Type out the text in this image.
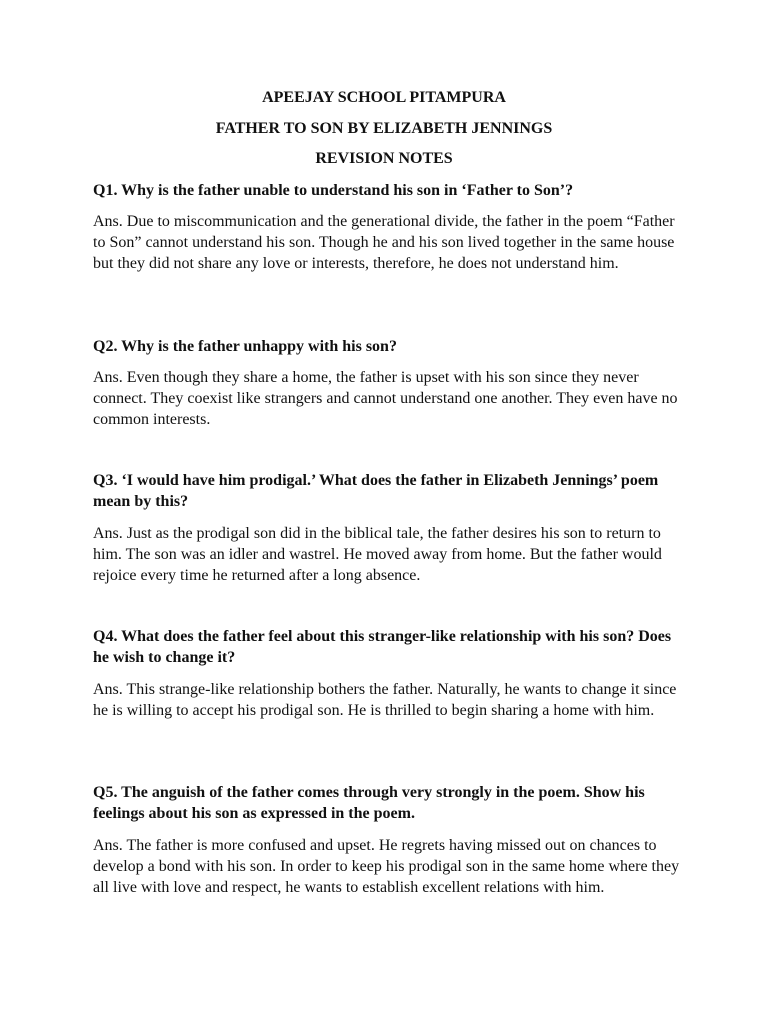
APEEJAY SCHOOL PITAMPURA
FATHER TO SON BY ELIZABETH JENNINGS
REVISION NOTES

Q1. Why is the father unable to understand his son in ‘Father to Son’?

Ans. Due to miscommunication and the generational divide, the father in the poem “Father to Son” cannot understand his son. Though he and his son lived together in the same house but they did not share any love or interests, therefore, he does not understand him.

Q2. Why is the father unhappy with his son?

Ans. Even though they share a home, the father is upset with his son since they never connect. They coexist like strangers and cannot understand one another. They even have no common interests.

Q3. ‘I would have him prodigal.’ What does the father in Elizabeth Jennings’ poem mean by this?

Ans. Just as the prodigal son did in the biblical tale, the father desires his son to return to him. The son was an idler and wastrel. He moved away from home. But the father would rejoice every time he returned after a long absence.

Q4. What does the father feel about this stranger-like relationship with his son? Does he wish to change it?

Ans. This strange-like relationship bothers the father. Naturally, he wants to change it since he is willing to accept his prodigal son. He is thrilled to begin sharing a home with him.

Q5. The anguish of the father comes through very strongly in the poem. Show his feelings about his son as expressed in the poem.

Ans. The father is more confused and upset. He regrets having missed out on chances to develop a bond with his son. In order to keep his prodigal son in the same home where they all live with love and respect, he wants to establish excellent relations with him.
